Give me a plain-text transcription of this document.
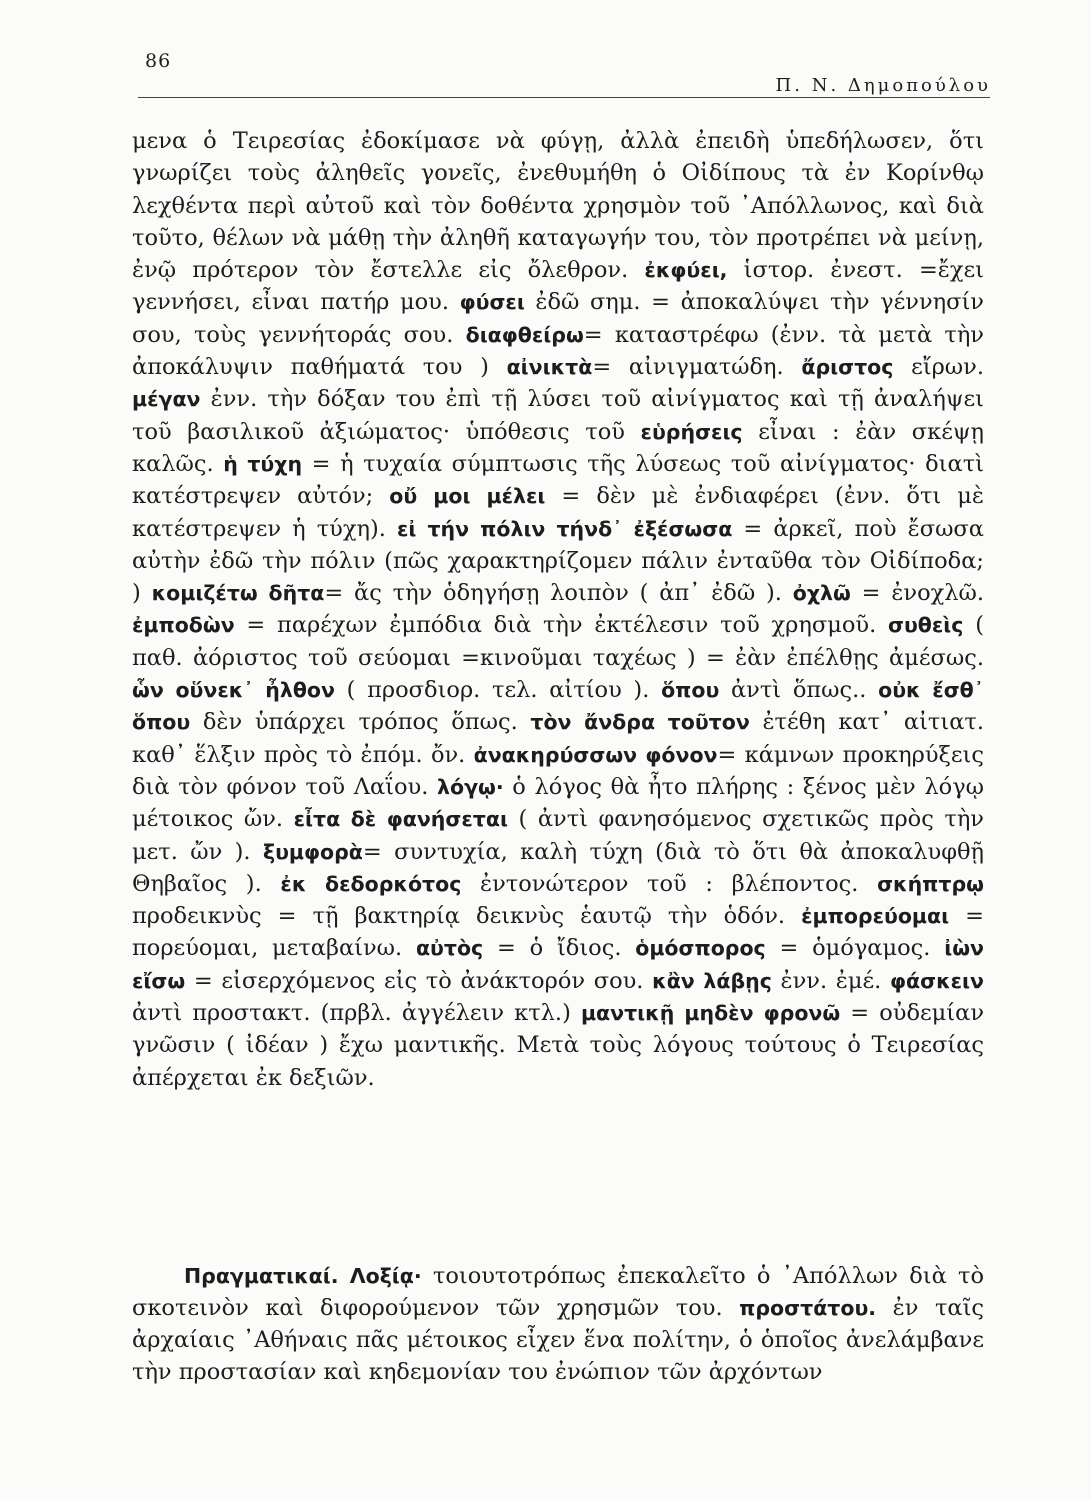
86
Π. Ν. Δημοπούλου

μενα ὁ Τειρεσίας ἐδοκίμασε νὰ φύγῃ, ἀλλὰ ἐπειδὴ ὑπεδήλωσεν, ὅτι γνωρίζει τοὺς ἀληθεῖς γονεῖς, ἐνεθυμήθη ὁ Οἰδίπους τὰ ἐν Κορίνθῳ λεχθέντα περὶ αὐτοῦ καὶ τὸν δοθέντα χρησμὸν τοῦ ᾿Απόλλωνος, καὶ διὰ τοῦτο, θέλων νὰ μάθῃ τὴν ἀληθῆ καταγωγήν του, τὸν προτρέπει νὰ μείνῃ, ἐνῷ πρότερον τὸν ἔστελλε εἰς ὄλεθρον. ἐκφύει, ἱστορ. ἐνεστ. =ἔχει γεννήσει, εἶναι πατήρ μου. φύσει ἐδῶ σημ. = ἀποκαλύψει τὴν γέννησίν σου, τοὺς γεννήτοράς σου. διαφθείρω= καταστρέφω (ἐνν. τὰ μετὰ τὴν ἀποκάλυψιν παθήματά του ) αἰνικτὰ= αἰνιγματώδη. ἄριστος εἴρων. μέγαν ἐνν. τὴν δόξαν του ἐπὶ τῇ λύσει τοῦ αἰνίγματος καὶ τῇ ἀναλήψει τοῦ βασιλικοῦ ἀξιώματος· ὑπόθεσις τοῦ εὑρήσεις εἶναι : ἐὰν σκέψῃ καλῶς. ἡ τύχη = ἡ τυχαία σύμπτωσις τῆς λύσεως τοῦ αἰνίγματος· διατὶ κατέστρεψεν αὐτόν; οὔ μοι μέλει = δὲν μὲ ἐνδιαφέρει (ἐνν. ὅτι μὲ κατέστρεψεν ἡ τύχη). εἰ τήν πόλιν τήνδ᾿ ἐξέσωσα = ἀρκεῖ, ποὺ ἔσωσα αὐτὴν ἐδῶ τὴν πόλιν (πῶς χαρακτηρίζομεν πάλιν ἐνταῦθα τὸν Οἰδίποδα; ) κομιζέτω δῆτα= ἄς τὴν ὁδηγήσῃ λοιπὸν ( ἀπ᾿ ἐδῶ ). ὀχλῶ = ἐνοχλῶ. ἐμποδὼν = παρέχων ἐμπόδια διὰ τὴν ἐκτέλεσιν τοῦ χρησμοῦ. συθεὶς ( παθ. ἀόριστος τοῦ σεύομαι =κινοῦμαι ταχέως ) = ἐὰν ἐπέλθῃς ἀμέσως. ὧν οὕνεκ᾿ ἦλθον ( προσδιορ. τελ. αἰτίου ). ὅπου ἀντὶ ὅπως.. οὐκ ἔσθ᾿ ὅπου δὲν ὑπάρχει τρόπος ὅπως. τὸν ἄνδρα τοῦτον ἐτέθη κατ᾿ αἰτιατ. καθ᾿ ἕλξιν πρὸς τὸ ἐπόμ. ὄν. ἀνακηρύσσων φόνον= κάμνων προκηρύξεις διὰ τὸν φόνον τοῦ Λαΐου. λόγῳ· ὁ λόγος θὰ ἦτο πλήρης : ξένος μὲν λόγῳ μέτοικος ὤν. εἶτα δὲ φανήσεται ( ἀντὶ φανησόμενος σχετικῶς πρὸς τὴν μετ. ὤν ). ξυμφορὰ= συντυχία, καλὴ τύχη (διὰ τὸ ὅτι θὰ ἀποκαλυφθῇ Θηβαῖος ). ἐκ δεδορκότος ἐντονώτερον τοῦ : βλέποντος. σκήπτρῳ προδεικνὺς = τῇ βακτηρίᾳ δεικνὺς ἑαυτῷ τὴν ὁδόν. ἐμπορεύομαι = πορεύομαι, μεταβαίνω. αὐτὸς = ὁ ἴδιος. ὁμόσπορος = ὁμόγαμος. ἰὼν εἴσω = εἰσερχόμενος εἰς τὸ ἀνάκτορόν σου. κἂν λάβῃς ἐνν. ἐμέ. φάσκειν ἀντὶ προστακτ. (πρβλ. ἀγγέλειν κτλ.) μαντικῇ μηδὲν φρονῶ = οὐδεμίαν γνῶσιν ( ἰδέαν ) ἔχω μαντικῆς. Μετὰ τοὺς λόγους τούτους ὁ Τειρεσίας ἀπέρχεται ἐκ δεξιῶν.

Πραγματικαί. Λοξίᾳ· τοιουτοτρόπως ἐπεκαλεῖτο ὁ ᾿Απόλλων διὰ τὸ σκοτεινὸν καὶ διφορούμενον τῶν χρησμῶν του. προστάτου. ἐν ταῖς ἀρχαίαις ᾿Αθήναις πᾶς μέτοικος εἶχεν ἕνα πολίτην, ὁ ὁποῖος ἀνελάμβανε τὴν προστασίαν καὶ κηδεμονίαν του ἐνώπιον τῶν ἀρχόντων
